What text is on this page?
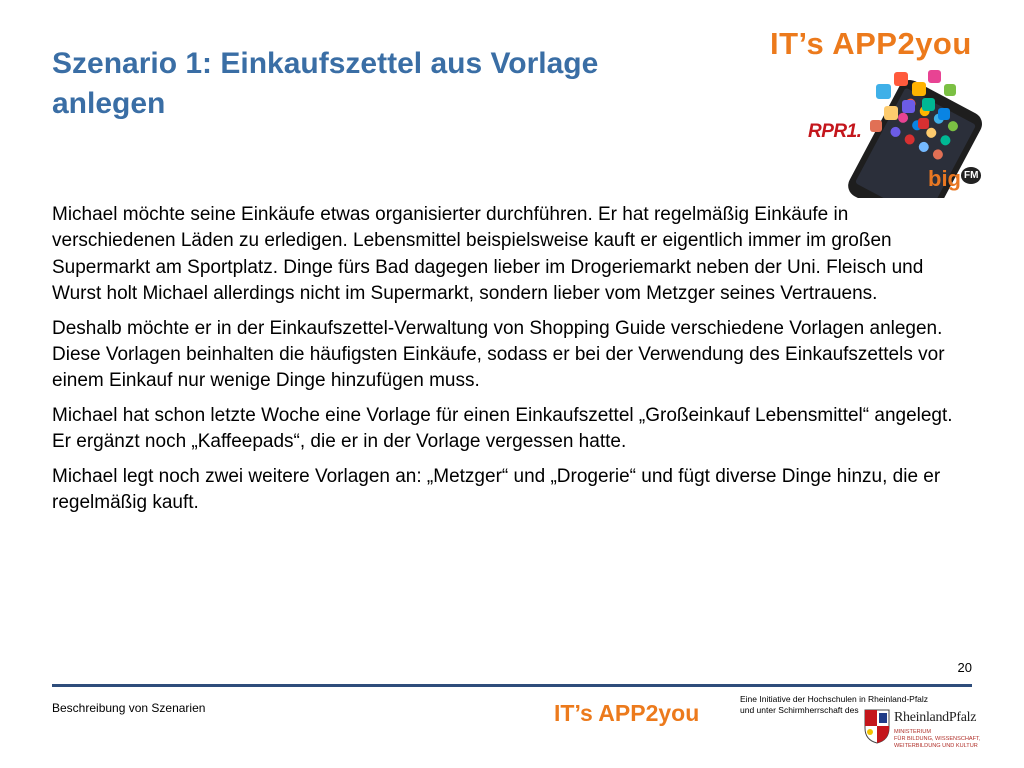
Szenario 1: Einkaufszettel aus Vorlage
anlegen
IT’s APP2you
RPR1.
big FM

Michael möchte seine Einkäufe etwas organisierter durchführen. Er hat regelmäßig Einkäufe in verschiedenen Läden zu erledigen. Lebensmittel beispielsweise kauft er eigentlich immer im großen Supermarkt am Sportplatz. Dinge fürs Bad dagegen lieber im Drogeriemarkt neben der Uni. Fleisch und Wurst holt Michael allerdings nicht im Supermarkt, sondern lieber vom Metzger seines Vertrauens.

Deshalb möchte er in der Einkaufszettel-Verwaltung von Shopping Guide verschiedene Vorlagen anlegen. Diese Vorlagen beinhalten die häufigsten Einkäufe, sodass er bei der Verwendung des Einkaufszettels vor einem Einkauf nur wenige Dinge hinzufügen muss.

Michael hat schon letzte Woche eine Vorlage für einen Einkaufszettel „Großeinkauf Lebensmittel“ angelegt. Er ergänzt noch „Kaffeepads“, die er in der Vorlage vergessen hatte.

Michael legt noch zwei weitere Vorlagen an: „Metzger“ und „Drogerie“ und fügt diverse Dinge hinzu, die er regelmäßig kauft.

20
Beschreibung von Szenarien	IT’s APP2you
Eine Initiative der Hochschulen in Rheinland-Pfalz
und unter Schirmherrschaft des	RheinlandPfalz
MINISTERIUM
FÜR BILDUNG, WISSENSCHAFT,
WEITERBILDUNG UND KULTUR
